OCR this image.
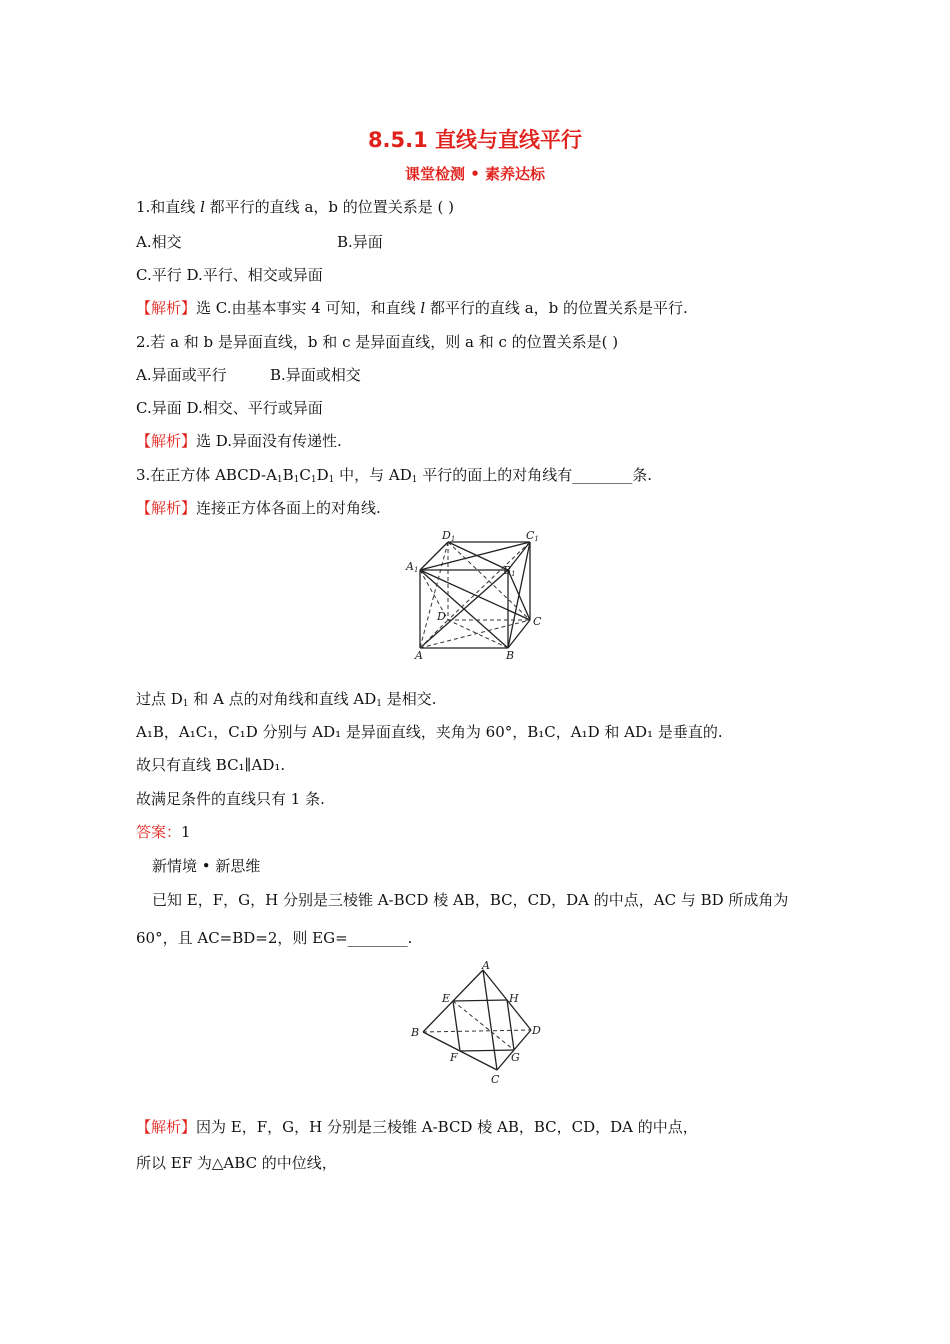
8.5.1 直线与直线平行
课堂检测 • 素养达标
1.和直线 l 都平行的直线 a，b 的位置关系是 ( )
A.相交	B.异面
C.平行 D.平行、相交或异面
【解析】选 C.由基本事实 4 可知，和直线 l 都平行的直线 a，b 的位置关系是平行.
2.若 a 和 b 是异面直线，b 和 c 是异面直线，则 a 和 c 的位置关系是( )
A.异面或平行	B.异面或相交
C.异面 D.相交、平行或异面
【解析】选 D.异面没有传递性.
3.在正方体 ABCD-$A_1B_1C_1D_1$ 中，与 $AD_1$ 平行的面上的对角线有________条.
【解析】连接正方体各面上的对角线.
D1	C1
A1	B1
D	C
A	B
过点 $D_1$ 和 A 点的对角线和直线 $AD_1$ 是相交.
A₁B，A₁C₁，C₁D 分别与 AD₁ 是异面直线，夹角为 60°，B₁C，A₁D 和 AD₁ 是垂直的.
故只有直线 BC₁∥AD₁.
故满足条件的直线只有 1 条.
答案：1
新情境 • 新思维
已知 E，F，G，H 分别是三棱锥 A-BCD 棱 AB，BC，CD，DA 的中点，AC 与 BD 所成角为
60°，且 AC=BD=2，则 EG=________.
A
E	H
B	D
F	G
C
【解析】因为 E，F，G，H 分别是三棱锥 A-BCD 棱 AB，BC，CD，DA 的中点，
所以 EF 为△ABC 的中位线，
